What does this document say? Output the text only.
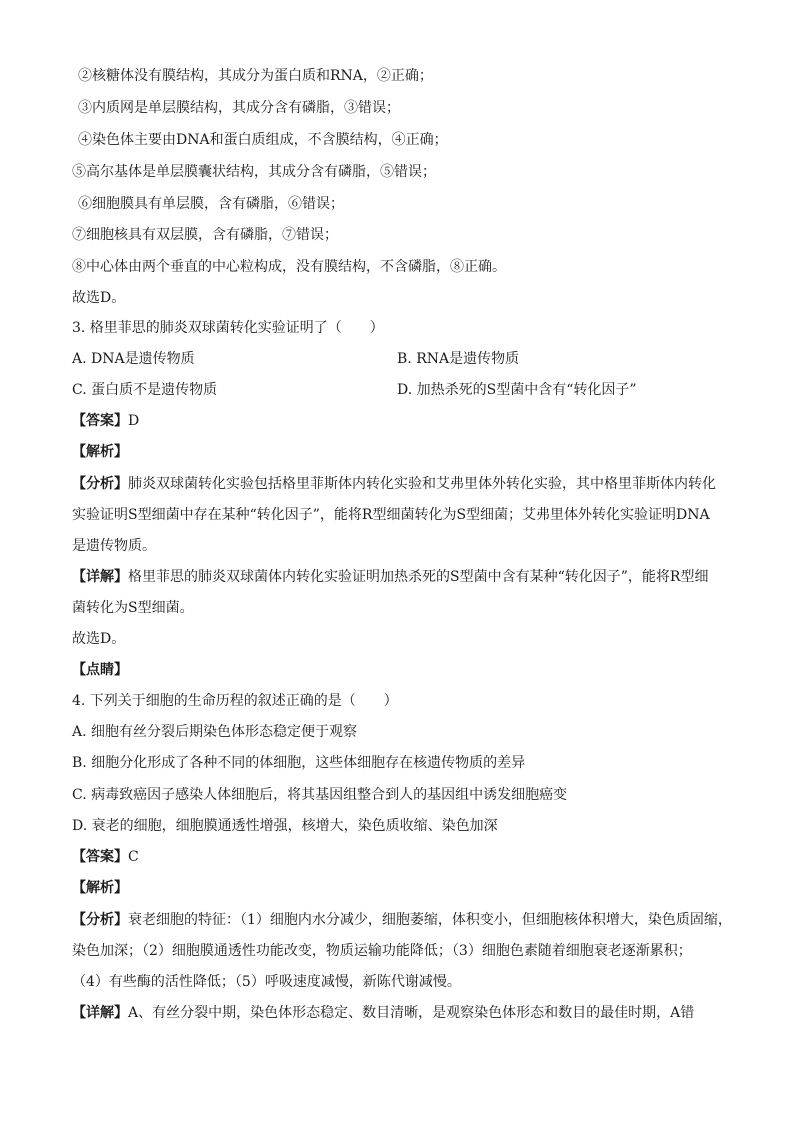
②核糖体没有膜结构，其成分为蛋白质和RNA，②正确；
③内质网是单层膜结构，其成分含有磷脂，③错误；
④染色体主要由DNA和蛋白质组成，不含膜结构，④正确；
⑤高尔基体是单层膜囊状结构，其成分含有磷脂，⑤错误；
⑥细胞膜具有单层膜，含有磷脂，⑥错误；
⑦细胞核具有双层膜，含有磷脂，⑦错误；
⑧中心体由两个垂直的中心粒构成，没有膜结构，不含磷脂，⑧正确。
故选D。
3. 格里菲思的肺炎双球菌转化实验证明了（　　）
A. DNA是遗传物质	B. RNA是遗传物质
C. 蛋白质不是遗传物质	D. 加热杀死的S型菌中含有“转化因子”
【答案】D
【解析】
【分析】肺炎双球菌转化实验包括格里菲斯体内转化实验和艾弗里体外转化实验，其中格里菲斯体内转化
实验证明S型细菌中存在某种“转化因子”，能将R型细菌转化为S型细菌；艾弗里体外转化实验证明DNA
是遗传物质。
【详解】格里菲思的肺炎双球菌体内转化实验证明加热杀死的S型菌中含有某种“转化因子”，能将R型细
菌转化为S型细菌。
故选D。
【点睛】
4. 下列关于细胞的生命历程的叙述正确的是（　　）
A. 细胞有丝分裂后期染色体形态稳定便于观察
B. 细胞分化形成了各种不同的体细胞，这些体细胞存在核遗传物质的差异
C. 病毒致癌因子感染人体细胞后，将其基因组整合到人的基因组中诱发细胞癌变
D. 衰老的细胞，细胞膜通透性增强，核增大，染色质收缩、染色加深
【答案】C
【解析】
【分析】衰老细胞的特征：（1）细胞内水分减少，细胞萎缩，体积变小，但细胞核体积增大，染色质固缩，
染色加深；（2）细胞膜通透性功能改变，物质运输功能降低；（3）细胞色素随着细胞衰老逐渐累积；
（4）有些酶的活性降低；（5）呼吸速度减慢，新陈代谢减慢。
【详解】A、有丝分裂中期，染色体形态稳定、数目清晰，是观察染色体形态和数目的最佳时期，A错
